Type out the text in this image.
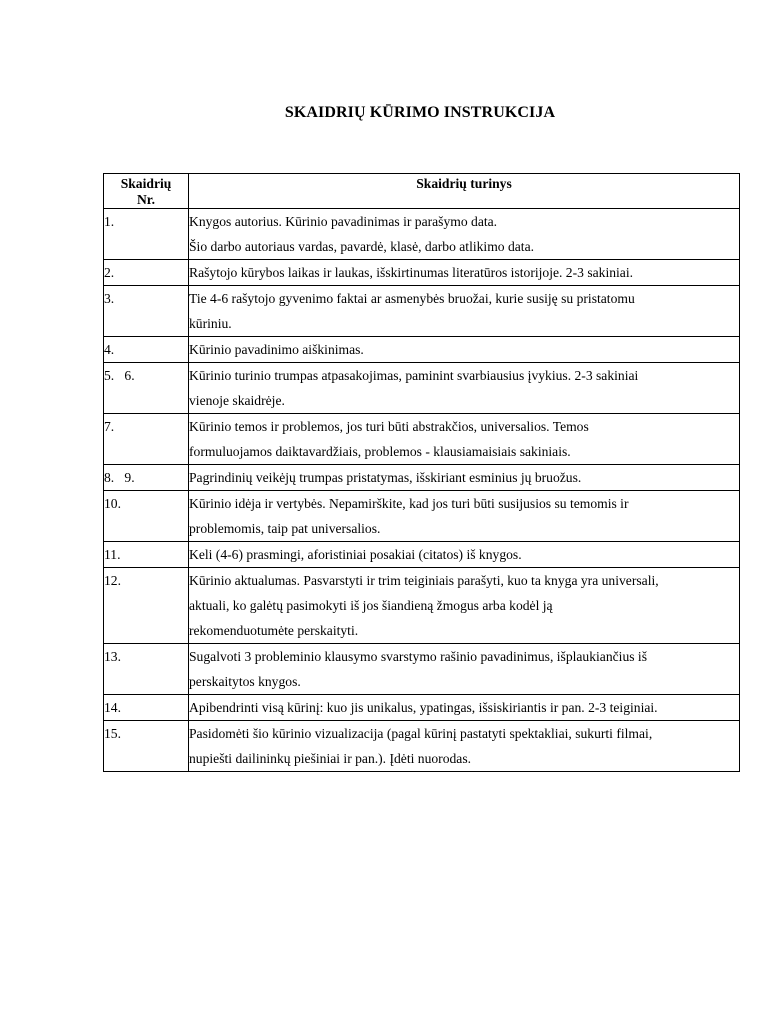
SKAIDRIŲ KŪRIMO INSTRUKCIJA
Skaidrių
Nr.	Skaidrių turinys
1.	Knygos autorius. Kūrinio pavadinimas ir parašymo data.
Šio darbo autoriaus vardas, pavardė, klasė, darbo atlikimo data.

2.	Rašytojo kūrybos laikas ir laukas, išskirtinumas literatūros istorijoje. 2-3 sakiniai.

3.	Tie 4-6 rašytojo gyvenimo faktai ar asmenybės bruožai, kurie susiję su pristatomu
kūriniu.

4.	Kūrinio pavadinimo aiškinimas.

5.   6.	Kūrinio turinio trumpas atpasakojimas, paminint svarbiausius įvykius. 2-3 sakiniai
vienoje skaidrėje.

7.	Kūrinio temos ir problemos, jos turi būti abstrakčios, universalios. Temos
formuluojamos daiktavardžiais, problemos - klausiamaisiais sakiniais.

8.   9.	Pagrindinių veikėjų trumpas pristatymas, išskiriant esminius jų bruožus.

10.	Kūrinio idėja ir vertybės. Nepamirškite, kad jos turi būti susijusios su temomis ir
problemomis, taip pat universalios.

11.	Keli (4-6) prasmingi, aforistiniai posakiai (citatos) iš knygos.

12.	Kūrinio aktualumas. Pasvarstyti ir trim teiginiais parašyti, kuo ta knyga yra universali,
aktuali, ko galėtų pasimokyti iš jos šiandieną žmogus arba kodėl ją
rekomenduotumėte perskaityti.

13.	Sugalvoti 3 probleminio klausymo svarstymo rašinio pavadinimus, išplaukiančius iš
perskaitytos knygos.

14.	Apibendrinti visą kūrinį: kuo jis unikalus, ypatingas, išsiskiriantis ir pan. 2-3 teiginiai.

15.	Pasidomėti šio kūrinio vizualizacija (pagal kūrinį pastatyti spektakliai, sukurti filmai,
nupiešti dailininkų piešiniai ir pan.). Įdėti nuorodas.
